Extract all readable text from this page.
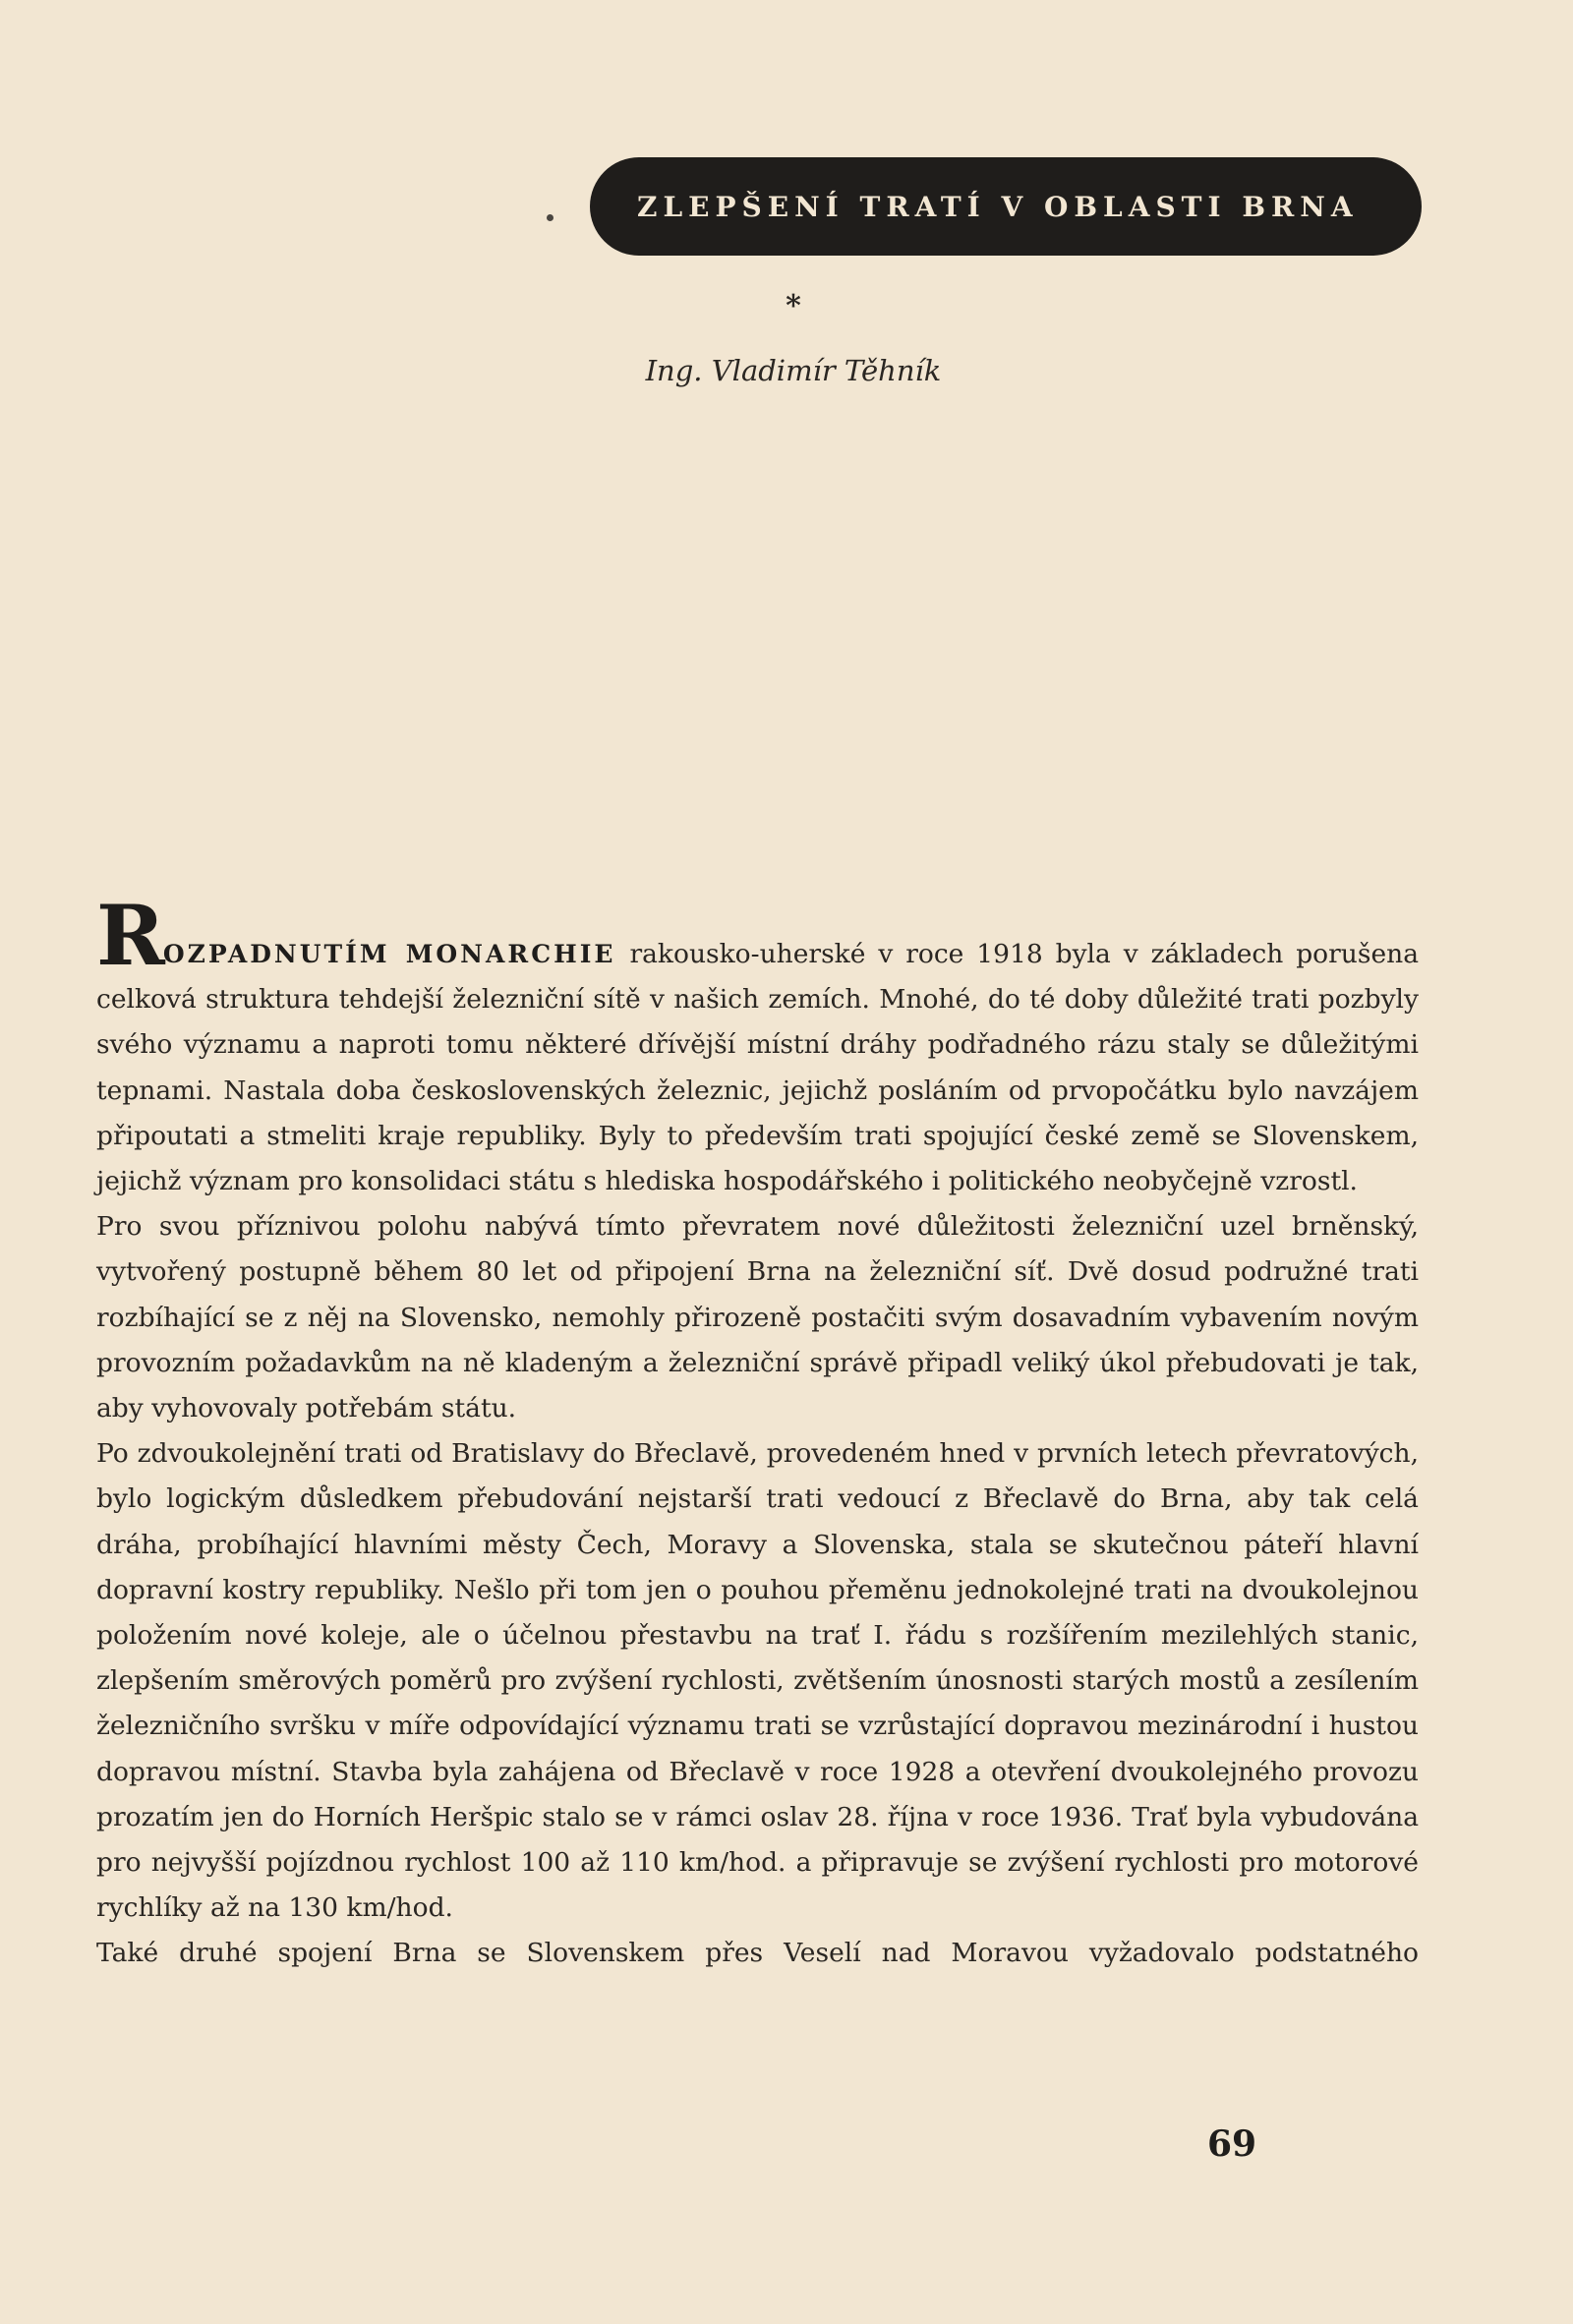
ZLEPŠENÍ TRATÍ V OBLASTI BRNA
*
Ing. Vladimír Těhník

ROZPADNUTÍM MONARCHIE rakousko-uherské v roce 1918 byla v základech porušena celková struktura tehdejší železniční sítě v našich zemích. Mnohé, do té doby důležité trati pozbyly svého významu a naproti tomu některé dřívější místní dráhy podřadného rázu staly se důležitými tepnami. Nastala doba československých železnic, jejichž posláním od prvopočátku bylo navzájem připoutati a stmeliti kraje republiky. Byly to především trati spojující české země se Slovenskem, jejichž význam pro konsolidaci státu s hlediska hospodářského i politického neobyčejně vzrostl.

Pro svou příznivou polohu nabývá tímto převratem nové důležitosti železniční uzel brněnský, vytvořený postupně během 80 let od připojení Brna na železniční síť. Dvě dosud podružné trati rozbíhající se z něj na Slovensko, nemohly přirozeně postačiti svým dosavadním vybavením novým provozním požadavkům na ně kladeným a železniční správě připadl veliký úkol přebudovati je tak, aby vyhovovaly potřebám státu.

Po zdvoukolejnění trati od Bratislavy do Břeclavě, provedeném hned v prvních letech převratových, bylo logickým důsledkem přebudování nejstarší trati vedoucí z Břeclavě do Brna, aby tak celá dráha, probíhající hlavními městy Čech, Moravy a Slovenska, stala se skutečnou páteří hlavní dopravní kostry republiky. Nešlo při tom jen o pouhou přeměnu jednokolejné trati na dvoukolejnou položením nové koleje, ale o účelnou přestavbu na trať I. řádu s rozšířením mezilehlých stanic, zlepšením směrových poměrů pro zvýšení rychlosti, zvětšením únosnosti starých mostů a zesílením železničního svršku v míře odpovídající významu trati se vzrůstající dopravou mezinárodní i hustou dopravou místní. Stavba byla zahájena od Břeclavě v roce 1928 a otevření dvoukolejného provozu prozatím jen do Horních Heršpic stalo se v rámci oslav 28. října v roce 1936. Trať byla vybudována pro nejvyšší pojízdnou rychlost 100 až 110 km/hod. a připravuje se zvýšení rychlosti pro motorové rychlíky až na 130 km/hod.

Také druhé spojení Brna se Slovenskem přes Veselí nad Moravou vyžadovalo podstatného

69
